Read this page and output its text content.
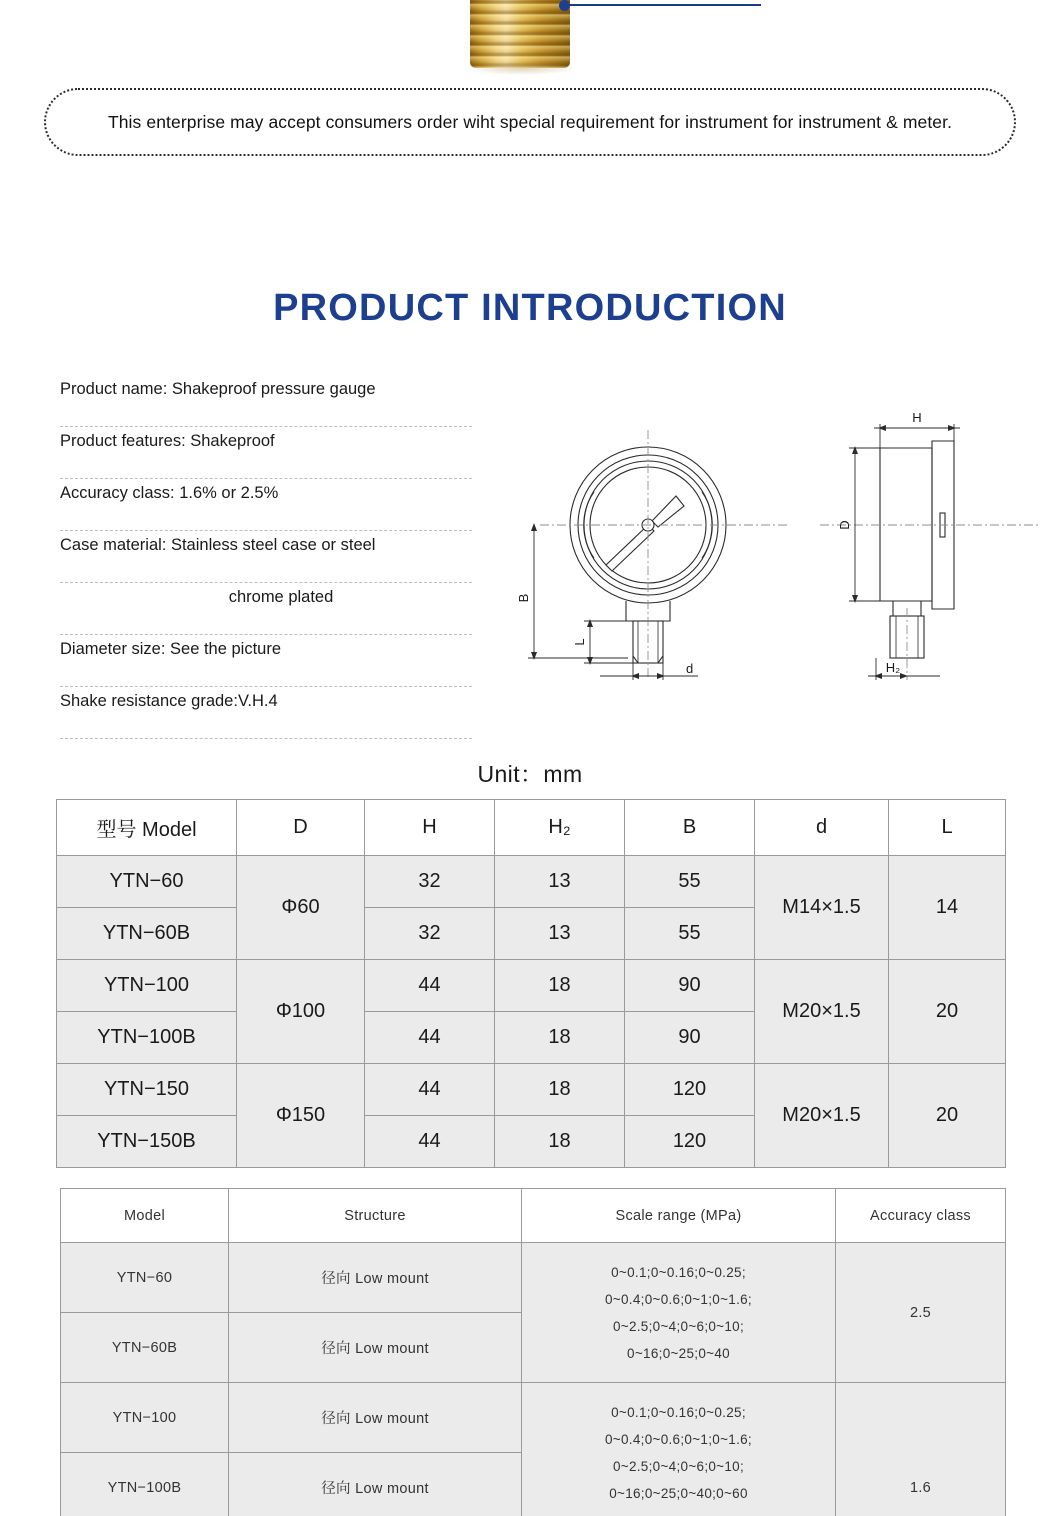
This enterprise may accept consumers order wiht special requirement for instrument for instrument & meter.
PRODUCT INTRODUCTION
Product name: Shakeproof pressure gauge
Product features: Shakeproof
Accuracy class: 1.6% or 2.5%
Case material: Stainless steel case or steel
chrome plated
Diameter size: See the picture
Shake resistance grade:V.H.4
B
L
d
H
D
H₂
Unit：mm
型号 Model	D	H	H₂	B	d	L
YTN−60	Φ60	32	13	55	M14×1.5	14
YTN−60B		32	13	55		
YTN−100	Φ100	44	18	90	M20×1.5	20
YTN−100B		44	18	90		
YTN−150	Φ150	44	18	120	M20×1.5	20
YTN−150B		44	18	120		
Model	Structure	Scale range (MPa)	Accuracy class
YTN−60	径向 Low mount	0~0.1;0~0.16;0~0.25;
0~0.4;0~0.6;0~1;0~1.6;
0~2.5;0~4;0~6;0~10;
0~16;0~25;0~40	2.5
YTN−60B	径向 Low mount		
YTN−100	径向 Low mount	0~0.1;0~0.16;0~0.25;
0~0.4;0~0.6;0~1;0~1.6;
0~2.5;0~4;0~6;0~10;
0~16;0~25;0~40;0~60	1.6
YTN−100B	径向 Low mount		
